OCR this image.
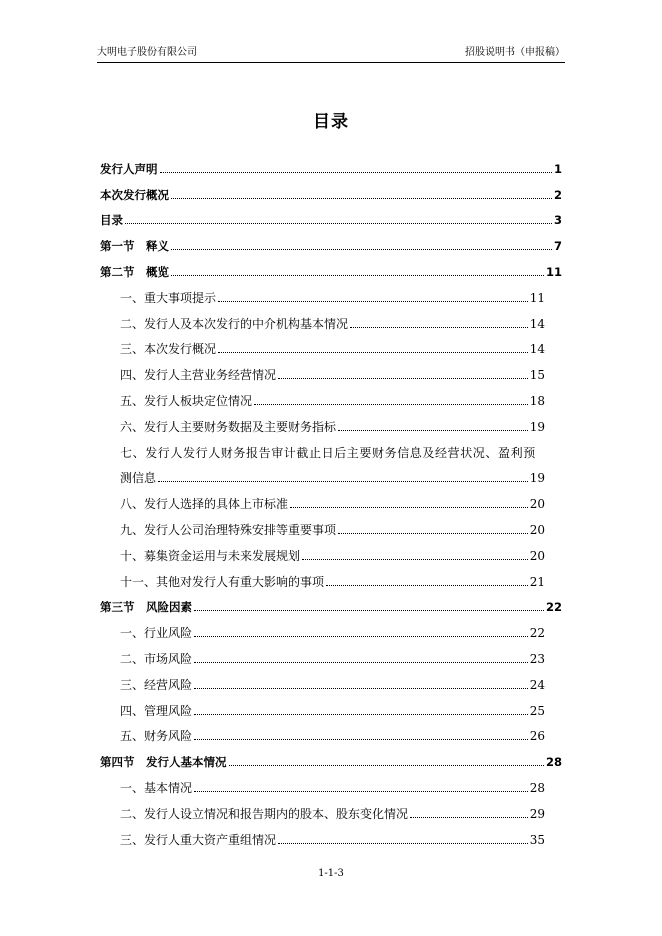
大明电子股份有限公司	招股说明书（申报稿）
目录
发行人声明	1
本次发行概况	2
目录	3
第一节　释义	7
第二节　概览	11
一、重大事项提示	11
二、发行人及本次发行的中介机构基本情况	14
三、本次发行概况	14
四、发行人主营业务经营情况	15
五、发行人板块定位情况	18
六、发行人主要财务数据及主要财务指标	19
七、发行人发行人财务报告审计截止日后主要财务信息及经营状况、盈利预
测信息	19
八、发行人选择的具体上市标准	20
九、发行人公司治理特殊安排等重要事项	20
十、募集资金运用与未来发展规划	20
十一、其他对发行人有重大影响的事项	21
第三节　风险因素	22
一、行业风险	22
二、市场风险	23
三、经营风险	24
四、管理风险	25
五、财务风险	26
第四节　发行人基本情况	28
一、基本情况	28
二、发行人设立情况和报告期内的股本、股东变化情况	29
三、发行人重大资产重组情况	35
1-1-3
